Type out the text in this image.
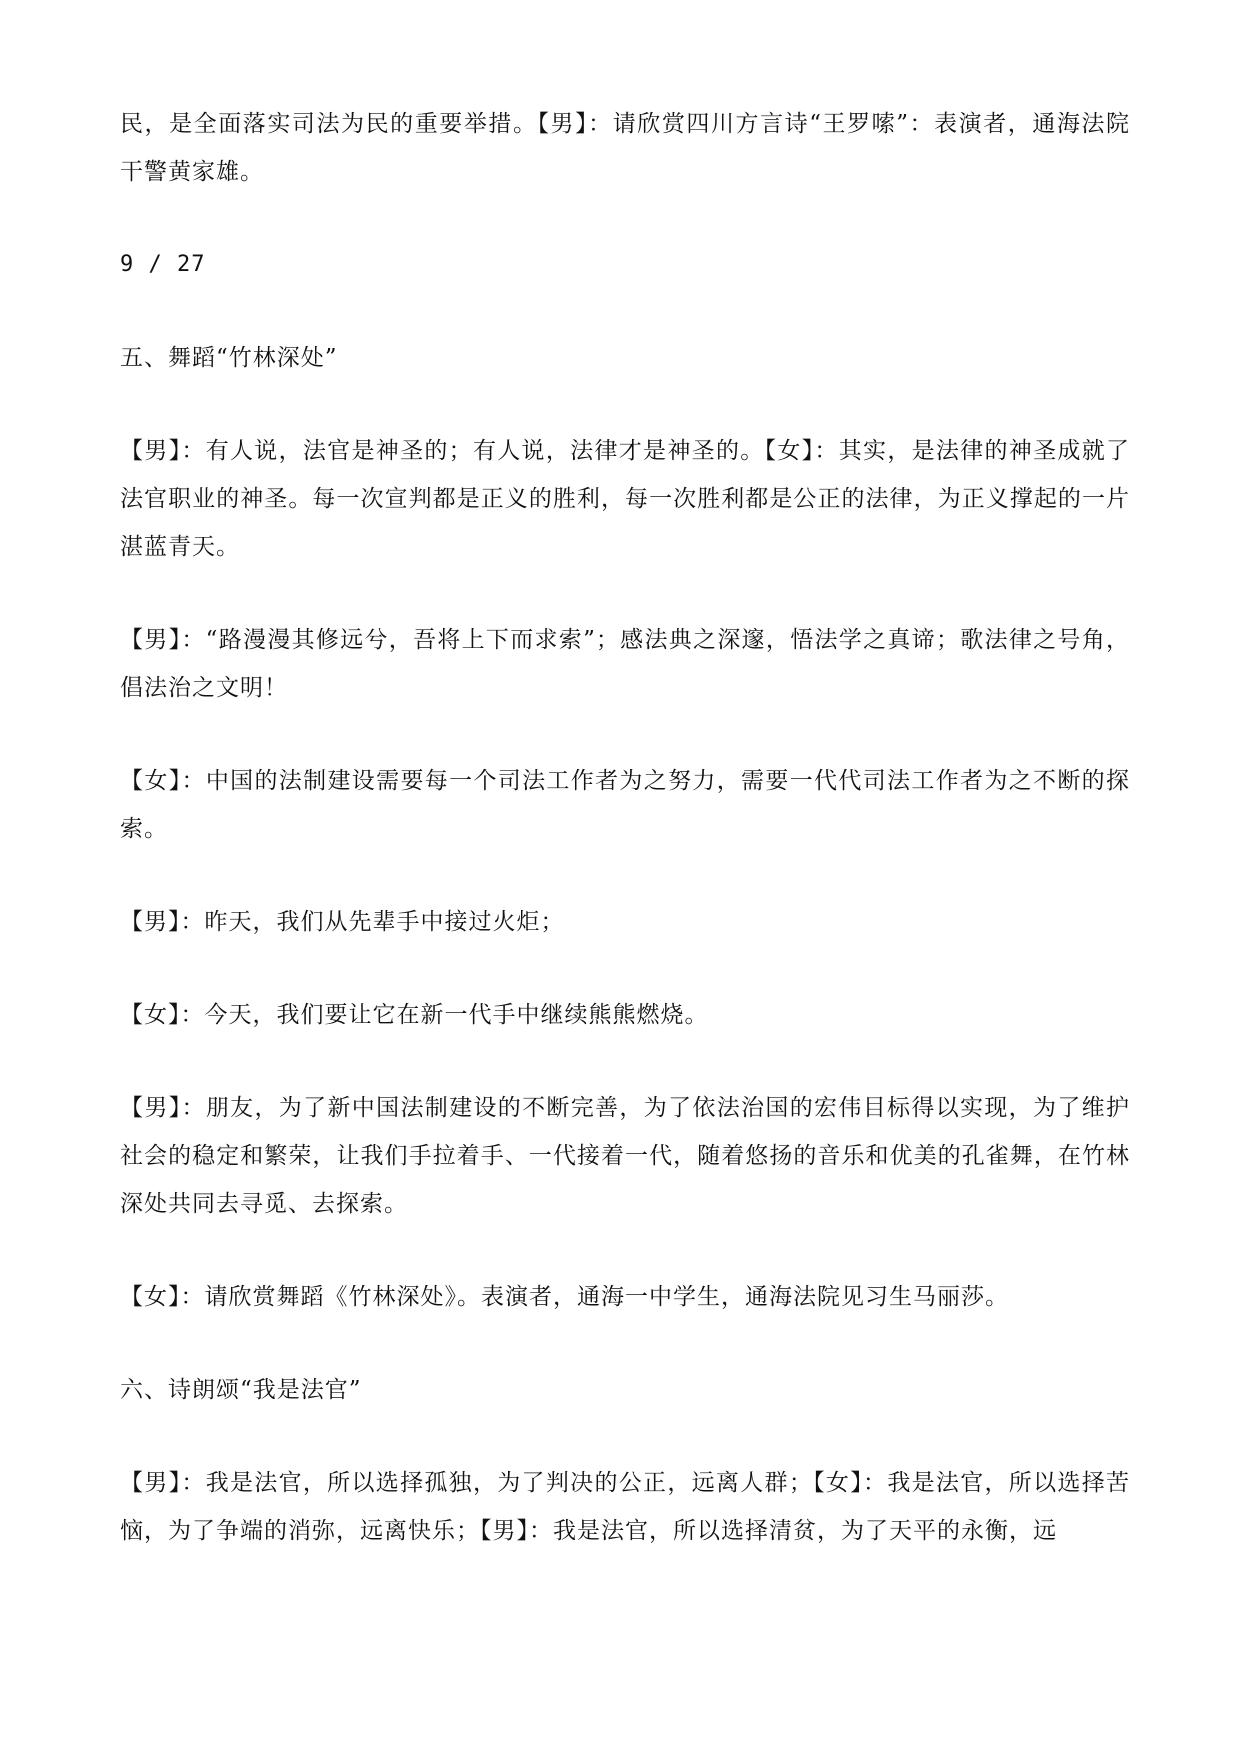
民，是全面落实司法为民的重要举措。【男】：请欣赏四川方言诗“王罗嗦”：表演者，通海法院干警黄家雄。

9 / 27
五、舞蹈“竹林深处”

【男】：有人说，法官是神圣的；有人说，法律才是神圣的。【女】：其实，是法律的神圣成就了法官职业的神圣。每一次宣判都是正义的胜利，每一次胜利都是公正的法律，为正义撑起的一片湛蓝青天。

【男】：“路漫漫其修远兮，吾将上下而求索”；感法典之深邃，悟法学之真谛；歌法律之号角，倡法治之文明！

【女】：中国的法制建设需要每一个司法工作者为之努力，需要一代代司法工作者为之不断的探索。

【男】：昨天，我们从先辈手中接过火炬；

【女】：今天，我们要让它在新一代手中继续熊熊燃烧。

【男】：朋友，为了新中国法制建设的不断完善，为了依法治国的宏伟目标得以实现，为了维护社会的稳定和繁荣，让我们手拉着手、一代接着一代，随着悠扬的音乐和优美的孔雀舞，在竹林深处共同去寻觅、去探索。

【女】：请欣赏舞蹈《竹林深处》。表演者，通海一中学生，通海法院见习生马丽莎。

六、诗朗颂“我是法官”

【男】：我是法官，所以选择孤独，为了判决的公正，远离人群；【女】：我是法官，所以选择苦恼，为了争端的消弥，远离快乐；【男】：我是法官，所以选择清贫，为了天平的永衡，远
